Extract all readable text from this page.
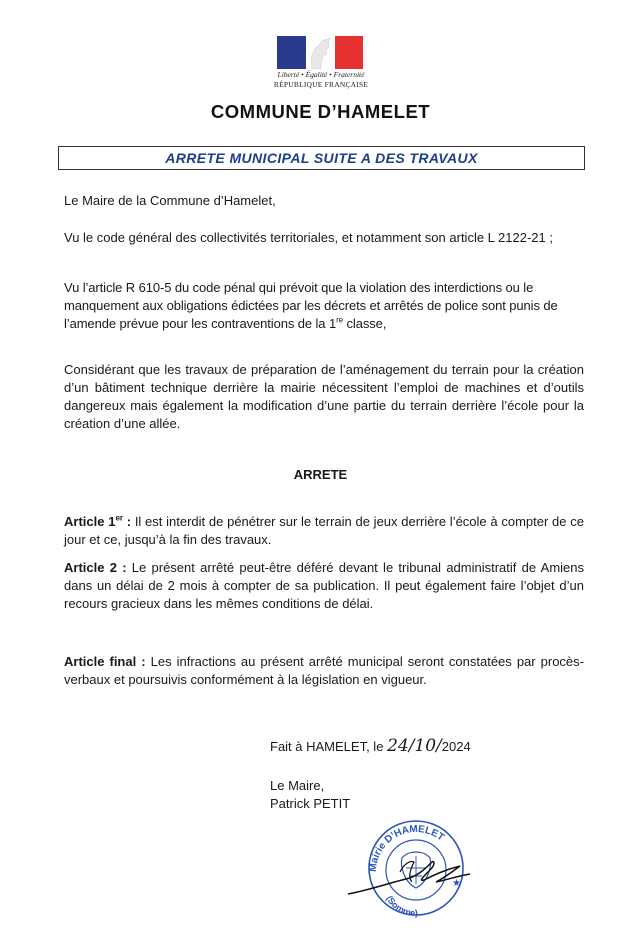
Liberté • Égalité • Fraternité
RÉPUBLIQUE FRANÇAISE
COMMUNE D’HAMELET
ARRETE MUNICIPAL SUITE A DES TRAVAUX
Le Maire de la Commune d’Hamelet,
Vu le code général des collectivités territoriales, et notamment son article L 2122-21 ;
Vu l’article R 610-5 du code pénal qui prévoit que la violation des interdictions ou le manquement aux obligations édictées par les décrets et arrêtés de police sont punis de l’amende prévue pour les contraventions de la 1re classe,
Considérant que les travaux de préparation de l’aménagement du terrain pour la création d’un bâtiment technique derrière la mairie nécessitent l’emploi de machines et d’outils dangereux mais également la modification d’une partie du terrain derrière l’école pour la création d’une allée.
ARRETE
Article 1er : Il est interdit de pénétrer sur le terrain de jeux derrière l’école à compter de ce jour et ce, jusqu’à la fin des travaux.
Article 2 : Le présent arrêté peut-être déféré devant le tribunal administratif de Amiens dans un délai de 2 mois à compter de sa publication. Il peut également faire l’objet d’un recours gracieux dans les mêmes conditions de délai.
Article final : Les infractions au présent arrêté municipal seront constatées par procès-verbaux et poursuivis conformément à la législation en vigueur.
Fait à HAMELET, le 24/10/2024
Le Maire,
Patrick PETIT
Mairie D’HAMELET
(Somme)
★
